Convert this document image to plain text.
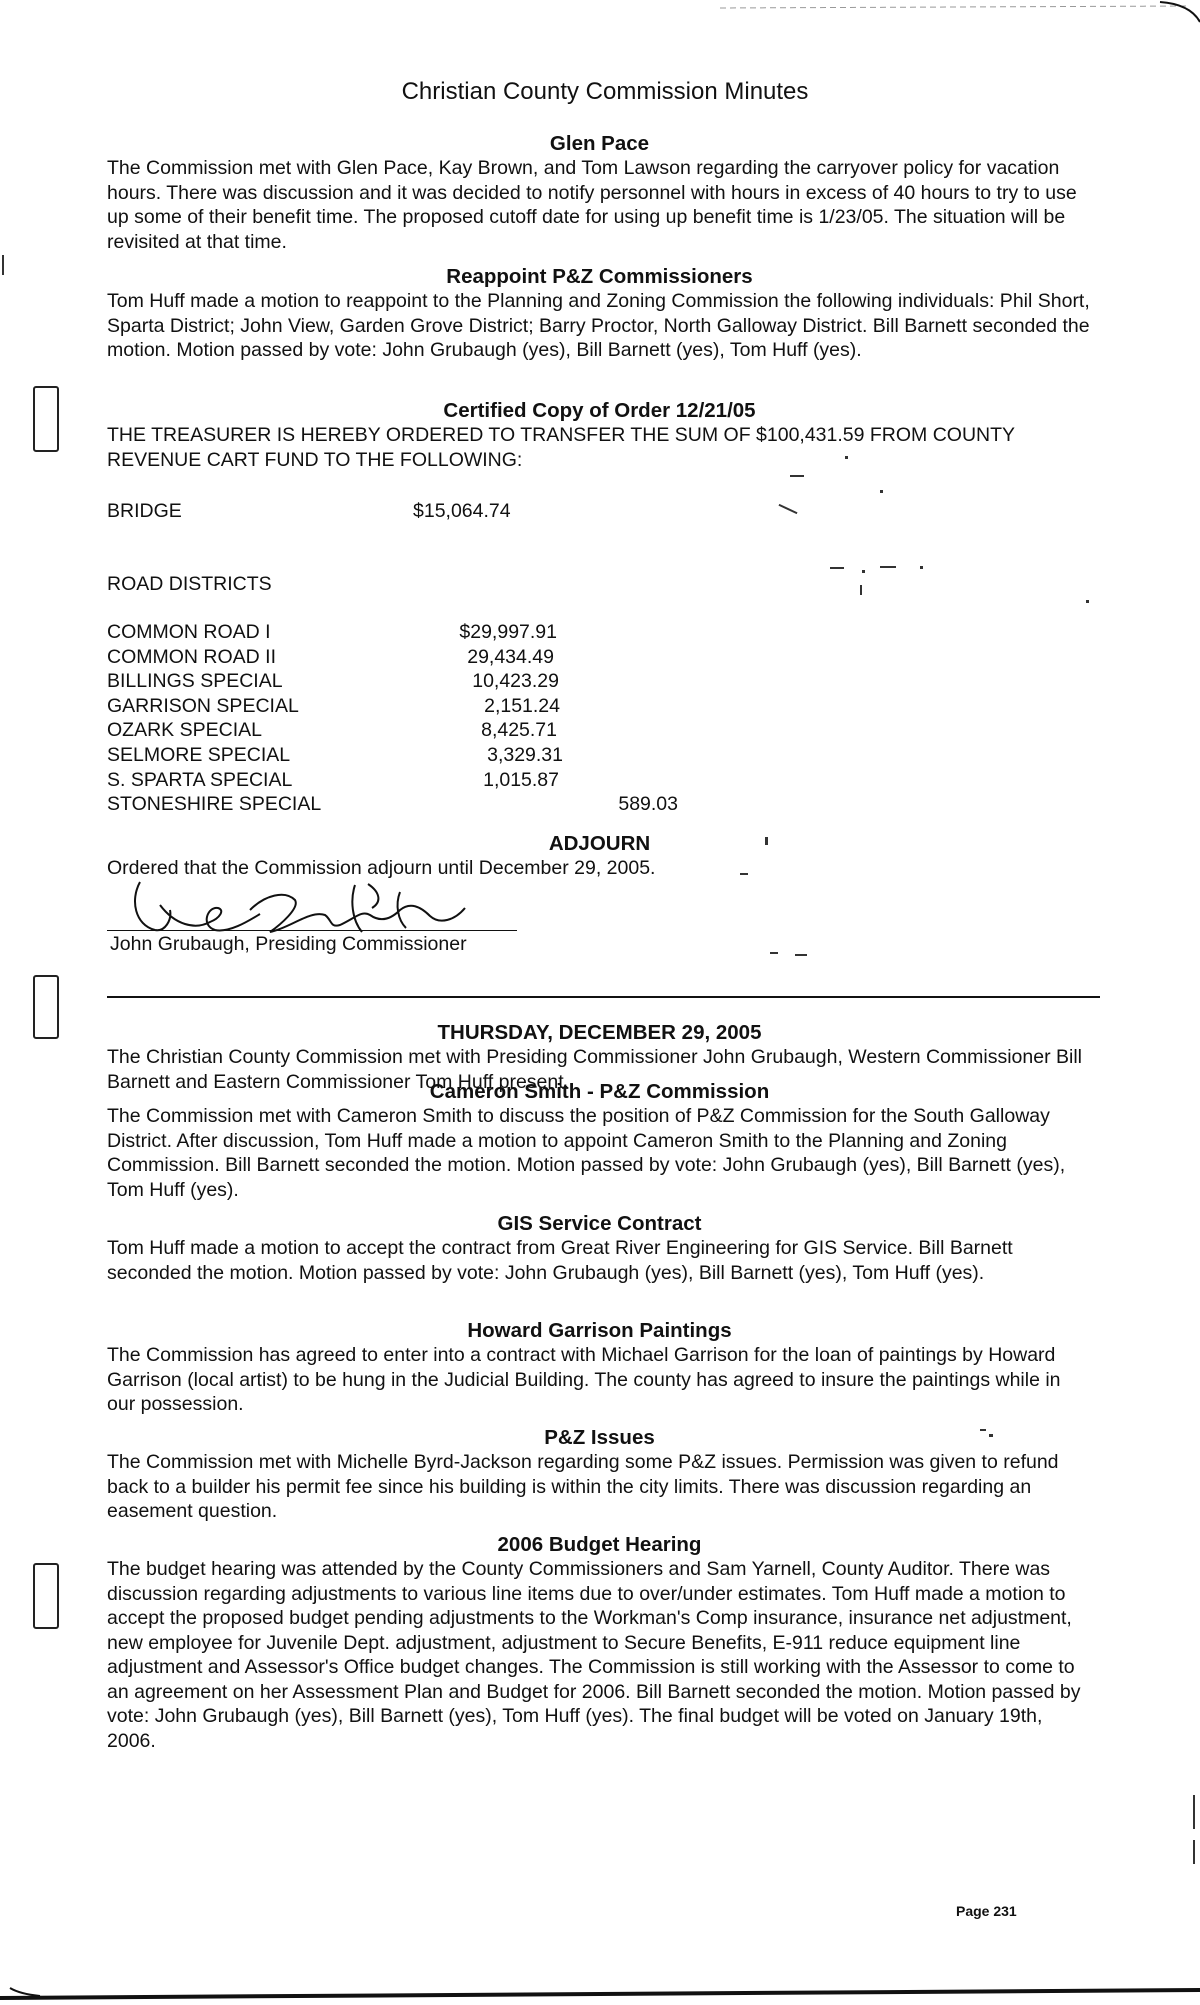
Christian County Commission Minutes
Glen Pace

The Commission met with Glen Pace, Kay Brown, and Tom Lawson regarding the carryover policy for vacation hours. There was discussion and it was decided to notify personnel with hours in excess of 40 hours to try to use up some of their benefit time. The proposed cutoff date for using up benefit time is 1/23/05. The situation will be revisited at that time.

Reappoint P&Z Commissioners

Tom Huff made a motion to reappoint to the Planning and Zoning Commission the following individuals: Phil Short, Sparta District; John View, Garden Grove District; Barry Proctor, North Galloway District. Bill Barnett seconded the motion. Motion passed by vote: John Grubaugh (yes), Bill Barnett (yes), Tom Huff (yes).

Certified Copy of Order 12/21/05

THE TREASURER IS HEREBY ORDERED TO TRANSFER THE SUM OF $100,431.59 FROM COUNTY REVENUE CART FUND TO THE FOLLOWING:

BRIDGE	$15,064.74
ROAD DISTRICTS
COMMON ROAD I	$29,997.91
COMMON ROAD II	29,434.49
BILLINGS SPECIAL	10,423.29
GARRISON SPECIAL	2,151.24
OZARK SPECIAL	8,425.71
SELMORE SPECIAL	3,329.31
S. SPARTA SPECIAL	1,015.87
STONESHIRE SPECIAL	589.03
ADJOURN

Ordered that the Commission adjourn until December 29, 2005.

John Grubaugh, Presiding Commissioner
THURSDAY, DECEMBER 29, 2005

The Christian County Commission met with Presiding Commissioner John Grubaugh, Western Commissioner Bill Barnett and Eastern Commissioner Tom Huff present.

Cameron Smith - P&Z Commission

The Commission met with Cameron Smith to discuss the position of P&Z Commission for the South Galloway District. After discussion, Tom Huff made a motion to appoint Cameron Smith to the Planning and Zoning Commission. Bill Barnett seconded the motion. Motion passed by vote: John Grubaugh (yes), Bill Barnett (yes), Tom Huff (yes).

GIS Service Contract

Tom Huff made a motion to accept the contract from Great River Engineering for GIS Service. Bill Barnett seconded the motion. Motion passed by vote: John Grubaugh (yes), Bill Barnett (yes), Tom Huff (yes).

Howard Garrison Paintings

The Commission has agreed to enter into a contract with Michael Garrison for the loan of paintings by Howard Garrison (local artist) to be hung in the Judicial Building. The county has agreed to insure the paintings while in our possession.

P&Z Issues

The Commission met with Michelle Byrd-Jackson regarding some P&Z issues. Permission was given to refund back to a builder his permit fee since his building is within the city limits. There was discussion regarding an easement question.

2006 Budget Hearing

The budget hearing was attended by the County Commissioners and Sam Yarnell, County Auditor. There was discussion regarding adjustments to various line items due to over/under estimates. Tom Huff made a motion to accept the proposed budget pending adjustments to the Workman's Comp insurance, insurance net adjustment, new employee for Juvenile Dept. adjustment, adjustment to Secure Benefits, E-911 reduce equipment line adjustment and Assessor's Office budget changes. The Commission is still working with the Assessor to come to an agreement on her Assessment Plan and Budget for 2006. Bill Barnett seconded the motion. Motion passed by vote: John Grubaugh (yes), Bill Barnett (yes), Tom Huff (yes). The final budget will be voted on January 19th, 2006.

Page 231
